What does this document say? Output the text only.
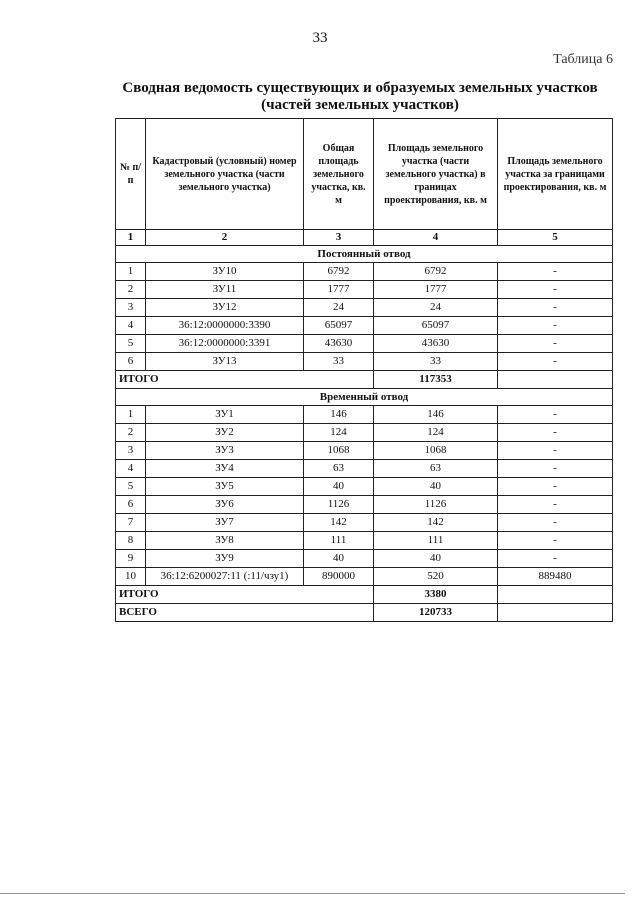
33
Таблица 6
Сводная ведомость существующих и образуемых земельных участков
(частей земельных участков)
№ п/п	Кадастровый (условный) номер земельного участка (части земельного участка)	Общая площадь земельного участка, кв. м	Площадь земельного участка (части земельного участка) в границах проектирования, кв. м	Площадь земельного участка за границами проектирования, кв. м
1	2	3	4	5
Постоянный отвод				
1	ЗУ10	6792	6792	-
2	ЗУ11	1777	1777	-
3	ЗУ12	24	24	-
4	36:12:0000000:3390	65097	65097	-
5	36:12:0000000:3391	43630	43630	-
6	ЗУ13	33	33	-
ИТОГО			117353	
Временный отвод				
1	ЗУ1	146	146	-
2	ЗУ2	124	124	-
3	ЗУ3	1068	1068	-
4	ЗУ4	63	63	-
5	ЗУ5	40	40	-
6	ЗУ6	1126	1126	-
7	ЗУ7	142	142	-
8	ЗУ8	111	111	-
9	ЗУ9	40	40	-
10	36:12:6200027:11 (:11/чзу1)	890000	520	889480
ИТОГО			3380	
ВСЕГО			120733	
